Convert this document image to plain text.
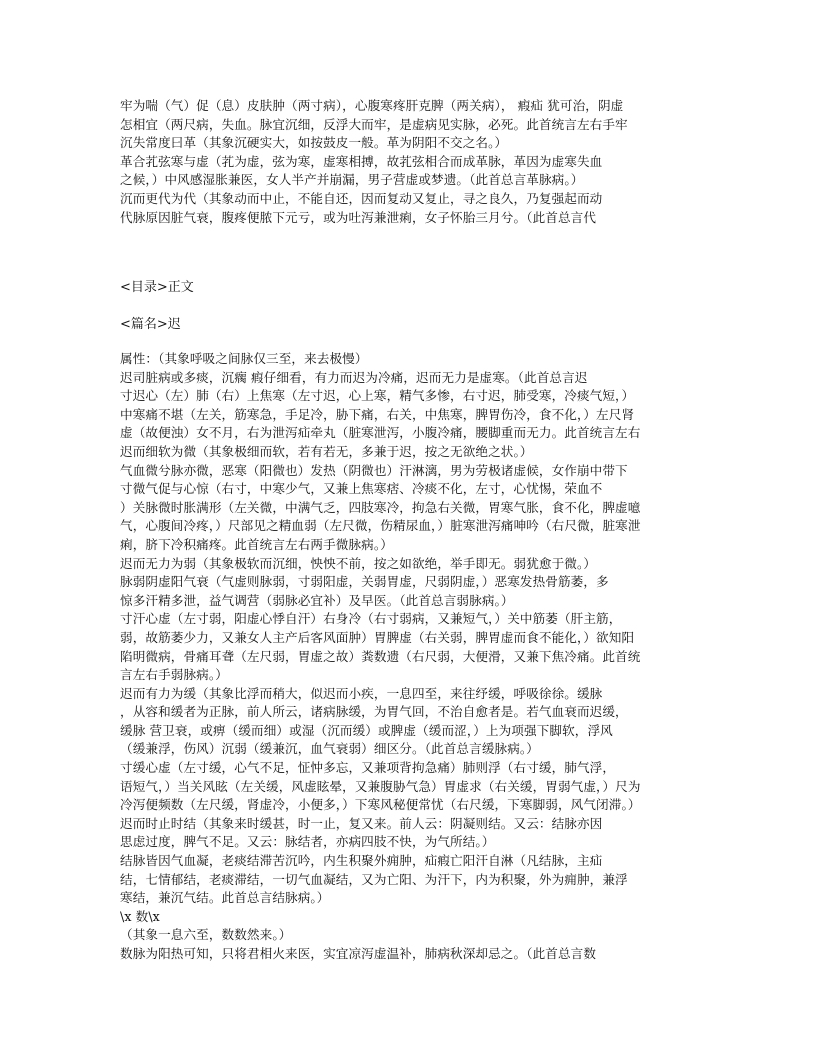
牢为喘（气）促（息）皮肤肿（两寸病），心腹寒疼肝克脾（两关病）， 瘕疝 犹可治，阴虚
怎相宜（两尺病，失血。脉宜沉细，反浮大而牢，是虚病见实脉，必死。此首统言左右手牢
沉失常度曰革（其象沉硬实大，如按鼓皮一般。革为阴阳不交之名。）
革合芤弦寒与虚（芤为虚，弦为寒，虚寒相搏，故芤弦相合而成革脉，革因为虚寒失血
之候，）中风感湿胀兼医，女人半产并崩漏，男子营虚或梦遗。（此首总言革脉病。）
沉而更代为代（其象动而中止，不能自还，因而复动又复止，寻之良久，乃复强起而动
代脉原因脏气衰，腹疼便脓下元亏，或为吐泻兼泄痢，女子怀胎三月兮。（此首总言代
<目录>正文
<篇名>迟
属性：（其象呼吸之间脉仅三至，来去极慢）
迟司脏病或多痰，沉瘸 瘕仔细看，有力而迟为冷痛，迟而无力是虚寒。（此首总言迟
寸迟心（左）肺（右）上焦寒（左寸迟，心上寒，精气多惨，右寸迟，肺受寒，冷痰气短，）
中寒痛不堪（左关，筋寒急，手足冷，胁下痛，右关，中焦寒，脾胃伤冷，食不化，）左尺肾
虚（故便浊）女不月，右为泄泻疝牵丸（脏寒泄泻，小腹冷痛，腰脚重而无力。此首统言左右
迟而细软为微（其象极细而软，若有若无，多兼于迟，按之无欲绝之状。）
气血微兮脉亦微，恶寒（阳微也）发热（阴微也）汗淋漓，男为劳极诸虚候，女作崩中带下
寸微气促与心惊（右寸，中寒少气，又兼上焦寒痞、冷痰不化，左寸，心忧惕，荣血不
）关脉微时胀满形（左关微，中满气乏，四肢寒冷，拘急右关微，胃寒气胀，食不化，脾虚噫
气，心腹间冷疼，）尺部见之精血弱（左尺微，伤精尿血，）脏寒泄泻痛呻吟（右尺微，脏寒泄
痢，脐下冷积痛疼。此首统言左右两手微脉病。）
迟而无力为弱（其象极软而沉细，怏怏不前，按之如欲绝，举手即无。弱犹愈于微。）
脉弱阴虚阳气衰（气虚则脉弱，寸弱阳虚，关弱胃虚，尺弱阴虚，）恶寒发热骨筋萎，多
惊多汗精多泄，益气调营（弱脉必宜补）及早医。（此首总言弱脉病。）
寸汗心虚（左寸弱，阳虚心悸自汗）右身冷（右寸弱病，又兼短气，）关中筋萎（肝主筋，
弱，故筋萎少力，又兼女人主产后客风面肿）胃脾虚（右关弱，脾胃虚而食不能化，）欲知阳
陷明微病，骨痛耳聋（左尺弱，胃虚之故）粪数遗（右尺弱，大便滑，又兼下焦冷痛。此首统
言左右手弱脉病。）
迟而有力为缓（其象比浮而稍大，似迟而小疾，一息四至，来往纾缓，呼吸徐徐。缓脉
，从容和缓者为正脉，前人所云，诸病脉缓，为胃气回，不治自愈者是。若气血衰而迟缓，
缓脉 营卫衰，或痹（缓而细）或湿（沉而缓）或脾虚（缓而涩，）上为项强下脚软，浮风
（缓兼浮，伤风）沉弱（缓兼沉，血气衰弱）细区分。（此首总言缓脉病。）
寸缓心虚（左寸缓，心气不足，怔忡多忘，又兼项背拘急痛）肺则浮（右寸缓，肺气浮，
语短气，）当关风眩（左关缓，风虚眩晕，又兼腹胁气急）胃虚求（右关缓，胃弱气虚，）尺为
冷泻便频数（左尺缓，肾虚冷，小便多，）下寒风秘便常忧（右尺缓，下寒脚弱，风气闭滞。）
迟而时止时结（其象来时缓甚，时一止，复又来。前人云：阴凝则结。又云：结脉亦因
思虑过度，脾气不足。又云：脉结者，亦病四肢不快，为气所结。）
结脉皆因气血凝，老痰结滞苦沉吟，内生积聚外痈肿，疝瘕亡阳汗自淋（凡结脉，主疝
结，七情郁结，老痰滞结，一切气血凝结，又为亡阳、为汗下，内为积聚，外为痈肿，兼浮
寒结，兼沉气结。此首总言结脉病。）
\x 数\x
（其象一息六至，数数然来。）
数脉为阳热可知，只将君相火来医，实宜凉泻虚温补，肺病秋深却忌之。（此首总言数
